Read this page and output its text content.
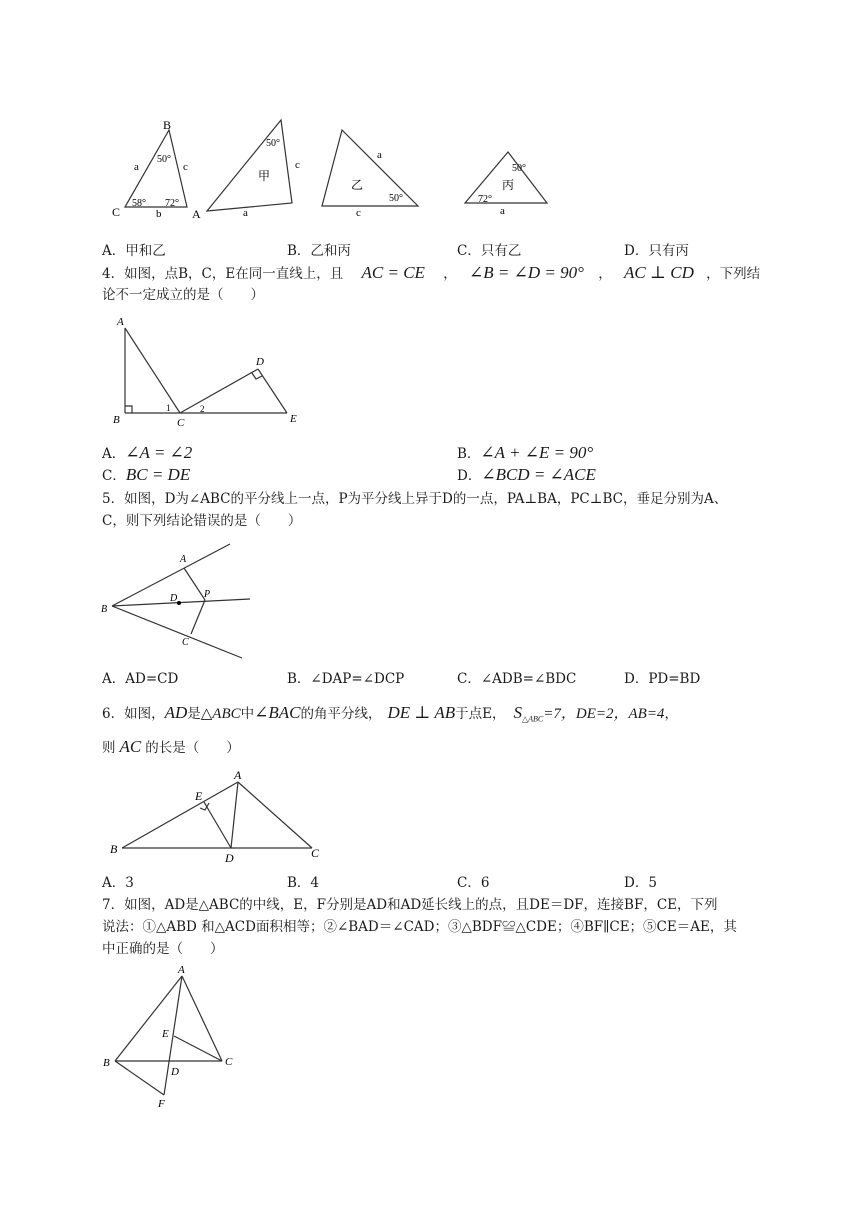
B
a	c
50°
58° 72°
C	b
50°
甲
c
a
A
a
乙
50°
c
50°
丙
72°
a
A．甲和乙	B．乙和丙	C．只有乙	D．只有丙
4．如图，点B，C，E在同一直线上，且 AC = CE ， ∠B = ∠D = 90° ， AC ⊥ CD ，下列结
论不一定成立的是（　　）
A
B	C
D
E
1	2
A．∠A = ∠2	B．∠A + ∠E = 90°
C．BC = DE	D．∠BCD = ∠ACE
5．如图，D为∠ABC的平分线上一点，P为平分线上异于D的一点，PA⊥BA，PC⊥BC，垂足分别为A、
C，则下列结论错误的是（　　）
A
B
D	P
C
A．AD=CD	B．∠DAP=∠DCP	C．∠ADB=∠BDC	D．PD=BD
6．如图，AD是△ABC中∠BAC的角平分线， DE ⊥ AB于点E， $S_{\triangle ABC}=7$，DE=2，AB=4，
则 AC 的长是（　　）
A
E
B
D	C
A．3	B．4	C．6	D．5
7．如图，AD是△ABC的中线，E，F分别是AD和AD延长线上的点，且DE＝DF，连接BF，CE，下列
说法：①△ABD 和△ACD面积相等；②∠BAD＝∠CAD；③△BDF≌△CDE；④BF∥CE；⑤CE＝AE，其
中正确的是（　　）
A
E
B	C
D
F
